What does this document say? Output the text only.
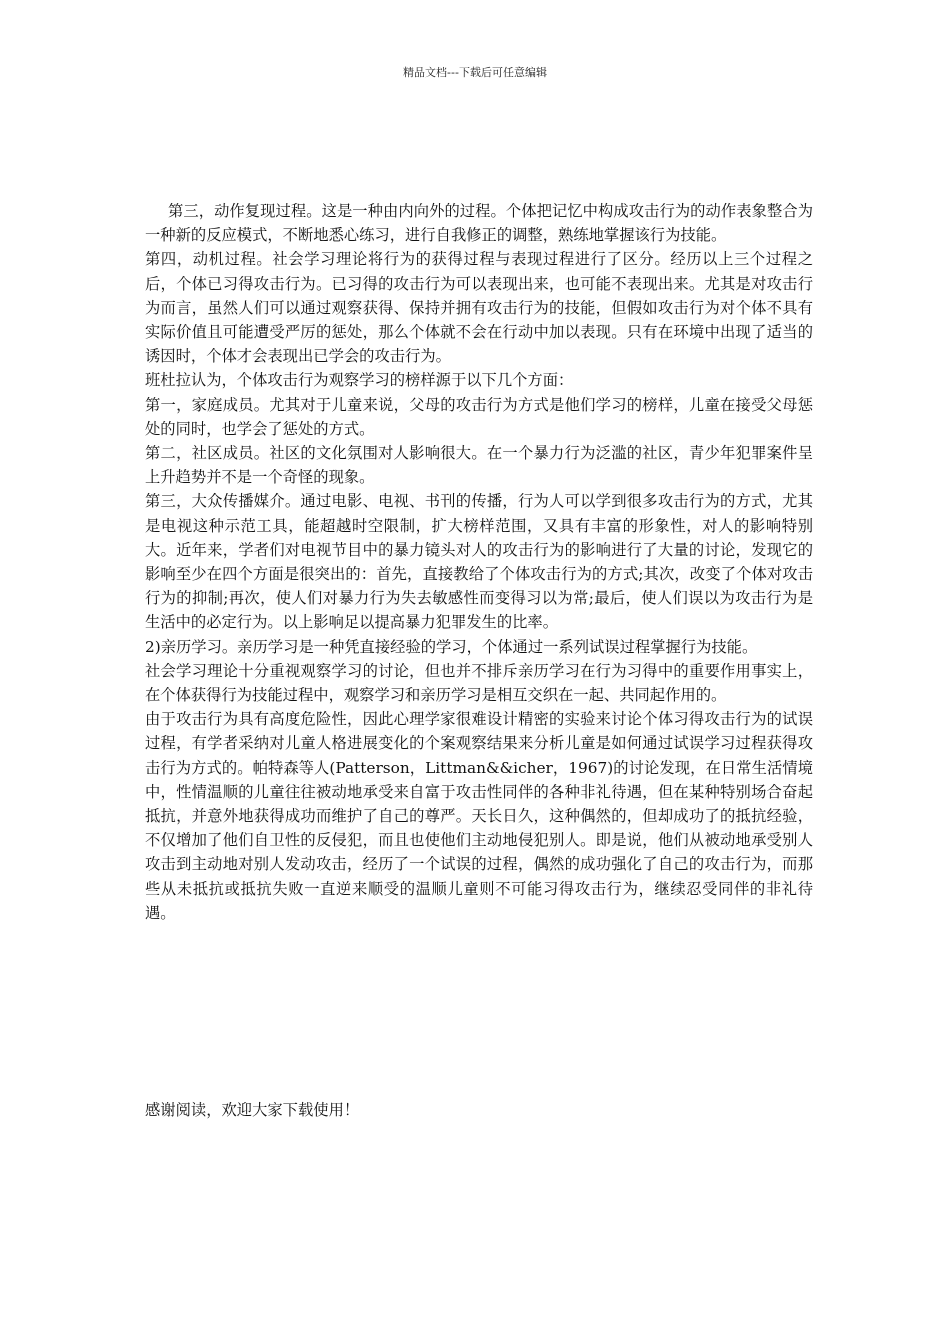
精品文档---下载后可任意编辑

第三，动作复现过程。这是一种由内向外的过程。个体把记忆中构成攻击行为的动作表象整合为一种新的反应模式，不断地悉心练习，进行自我修正的调整，熟练地掌握该行为技能。

第四，动机过程。社会学习理论将行为的获得过程与表现过程进行了区分。经历以上三个过程之后，个体已习得攻击行为。已习得的攻击行为可以表现出来，也可能不表现出来。尤其是对攻击行为而言，虽然人们可以通过观察获得、保持并拥有攻击行为的技能，但假如攻击行为对个体不具有实际价值且可能遭受严厉的惩处，那么个体就不会在行动中加以表现。只有在环境中出现了适当的诱因时，个体才会表现出已学会的攻击行为。

班杜拉认为，个体攻击行为观察学习的榜样源于以下几个方面：

第一，家庭成员。尤其对于儿童来说，父母的攻击行为方式是他们学习的榜样，儿童在接受父母惩处的同时，也学会了惩处的方式。

第二，社区成员。社区的文化氛围对人影响很大。在一个暴力行为泛滥的社区，青少年犯罪案件呈上升趋势并不是一个奇怪的现象。

第三，大众传播媒介。通过电影、电视、书刊的传播，行为人可以学到很多攻击行为的方式，尤其是电视这种示范工具，能超越时空限制，扩大榜样范围，又具有丰富的形象性，对人的影响特别大。近年来，学者们对电视节目中的暴力镜头对人的攻击行为的影响进行了大量的讨论，发现它的影响至少在四个方面是很突出的：首先，直接教给了个体攻击行为的方式;其次，改变了个体对攻击行为的抑制;再次，使人们对暴力行为失去敏感性而变得习以为常;最后，使人们误以为攻击行为是生活中的必定行为。以上影响足以提高暴力犯罪发生的比率。

2)亲历学习。亲历学习是一种凭直接经验的学习，个体通过一系列试误过程掌握行为技能。

社会学习理论十分重视观察学习的讨论，但也并不排斥亲历学习在行为习得中的重要作用事实上，在个体获得行为技能过程中，观察学习和亲历学习是相互交织在一起、共同起作用的。

由于攻击行为具有高度危险性，因此心理学家很难设计精密的实验来讨论个体习得攻击行为的试误过程，有学者采纳对儿童人格进展变化的个案观察结果来分析儿童是如何通过试误学习过程获得攻击行为方式的。帕特森等人(Patterson，Littman&&icher，1967)的讨论发现，在日常生活情境中，性情温顺的儿童往往被动地承受来自富于攻击性同伴的各种非礼待遇，但在某种特别场合奋起抵抗，并意外地获得成功而维护了自己的尊严。天长日久，这种偶然的，但却成功了的抵抗经验，不仅增加了他们自卫性的反侵犯，而且也使他们主动地侵犯别人。即是说，他们从被动地承受别人攻击到主动地对别人发动攻击，经历了一个试误的过程，偶然的成功强化了自己的攻击行为，而那些从未抵抗或抵抗失败一直逆来顺受的温顺儿童则不可能习得攻击行为，继续忍受同伴的非礼待遇。

感谢阅读，欢迎大家下载使用！
